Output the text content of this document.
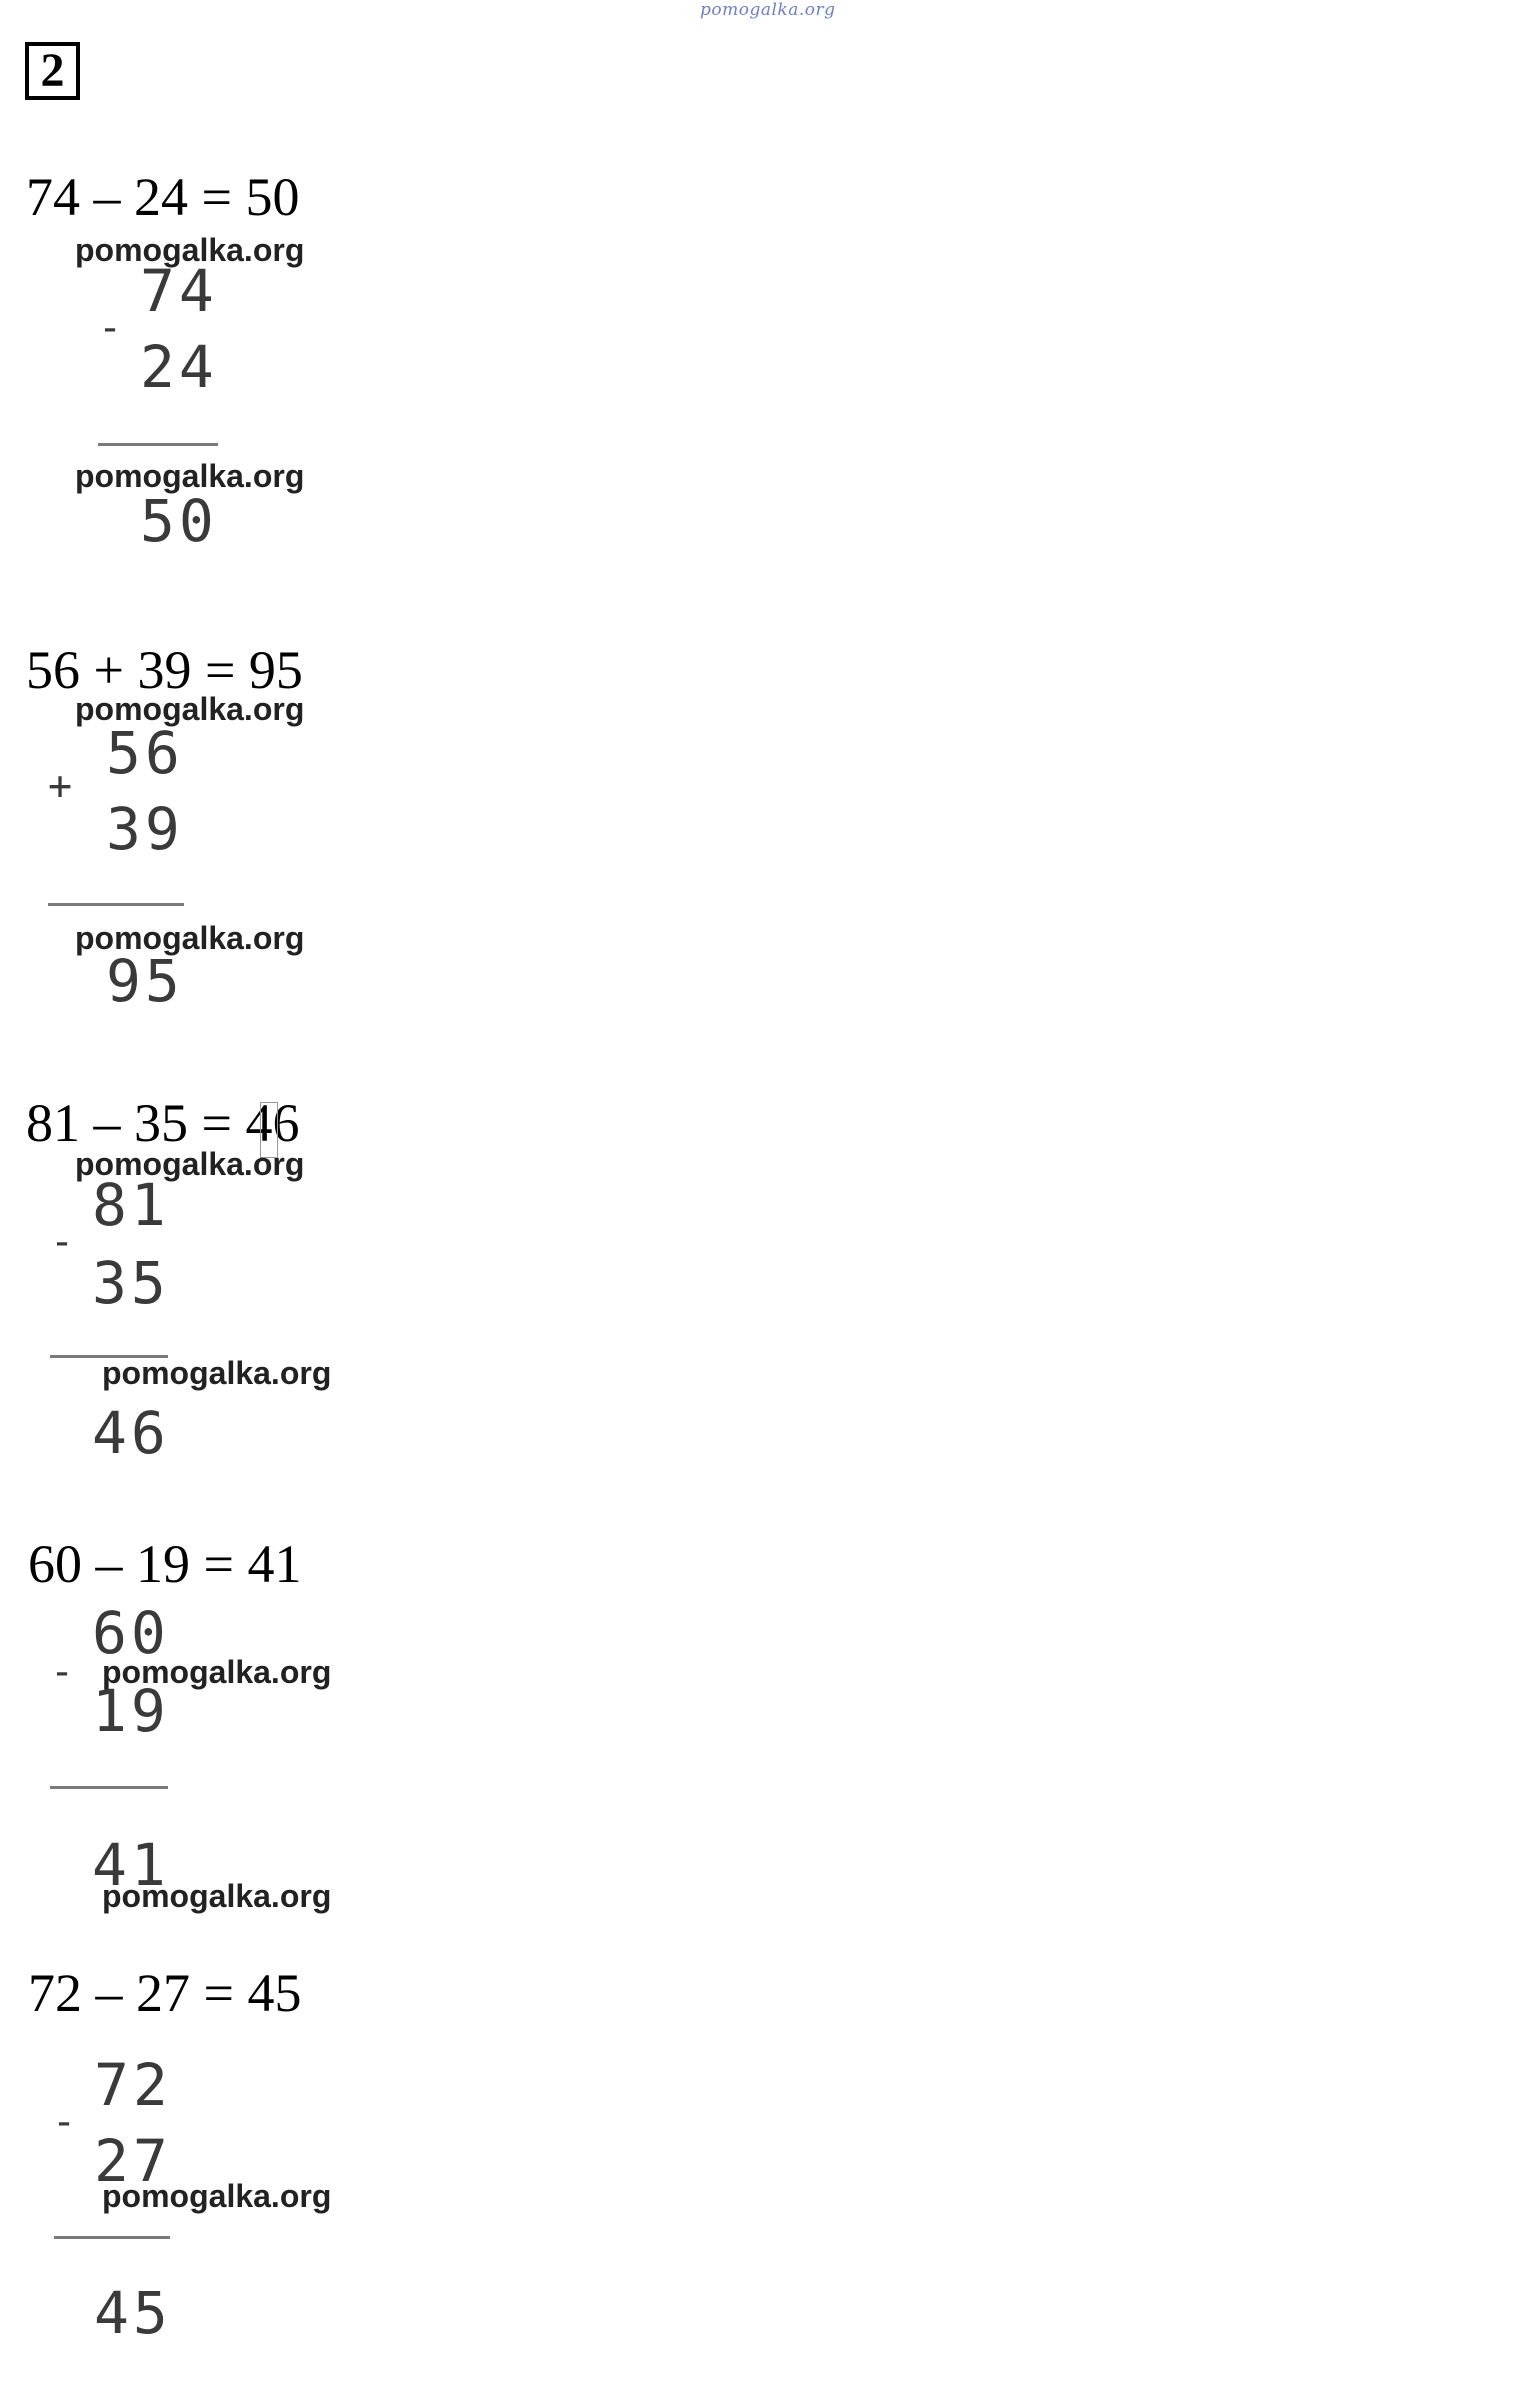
pomogalka.org
2
74 – 24 = 50
pomogalka.org
74
-
24
pomogalka.org
50
56 + 39 = 95
pomogalka.org
56
+
39
pomogalka.org
95
81 – 35 = 46
pomogalka.org
81
-
35
pomogalka.org
46
60 – 19 = 41
60
- pomogalka.org
19
41
pomogalka.org
72 – 27 = 45
72
-
27
pomogalka.org
45
